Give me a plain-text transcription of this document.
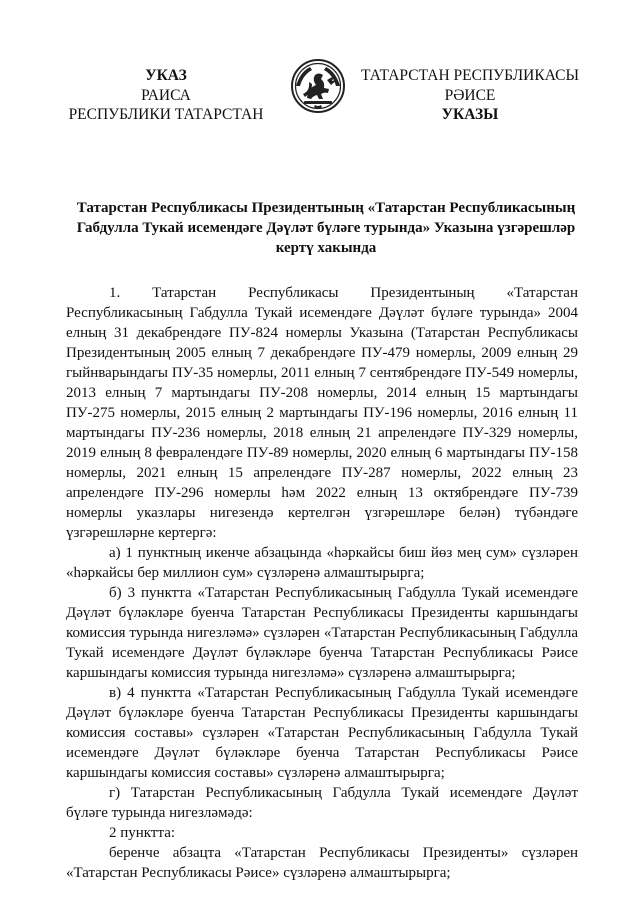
УКАЗ
РАИСА
РЕСПУБЛИКИ ТАТАРСТАН
ТАТАРСТАН РЕСПУБЛИКАСЫ
РӘИСЕ
УКАЗЫ
Татарстан Республикасы Президентының «Татарстан Республикасының Габдулла Тукай исемендәге Дәүләт бүләге турында» Указына үзгәрешләр кертү хакында

1. Татарстан Республикасы Президентының «Татарстан Республикасының Габдулла Тукай исемендәге Дәүләт бүләге турында» 2004 елның 31 декабрендәге ПУ-824 номерлы Указына (Татарстан Республикасы Президентының 2005 елның 7 декабрендәге ПУ-479 номерлы, 2009 елның 29 гыйнварындагы ПУ-35 номерлы, 2011 елның 7 сентябрендәге ПУ-549 номерлы, 2013 елның 7 мартындагы ПУ-208 номерлы, 2014 елның 15 мартындагы ПУ-275 номерлы, 2015 елның 2 мартындагы ПУ-196 номерлы, 2016 елның 11 мартындагы ПУ-236 номерлы, 2018 елның 21 апрелендәге ПУ-329 номерлы, 2019 елның 8 февралендәге ПУ-89 номерлы, 2020 елның 6 мартындагы ПУ-158 номерлы, 2021 елның 15 апрелендәге ПУ-287 номерлы, 2022 елның 23 апрелендәге ПУ-296 номерлы һәм 2022 елның 13 октябрендәге ПУ-739 номерлы указлары нигезендә кертелгән үзгәрешләре белән) түбәндәге үзгәрешләрне кертергә:

а) 1 пунктның икенче абзацында «һәркайсы биш йөз мең сум» сүзләрен «һәркайсы бер миллион сум» сүзләренә алмаштырырга;

б) 3 пунктта «Татарстан Республикасының Габдулла Тукай исемендәге Дәүләт бүләкләре буенча Татарстан Республикасы Президенты каршындагы комиссия турында нигезләмә» сүзләрен «Татарстан Республикасының Габдулла Тукай исемендәге Дәүләт бүләкләре буенча Татарстан Республикасы Рәисе каршындагы комиссия турында нигезләмә» сүзләренә алмаштырырга;

в) 4 пунктта «Татарстан Республикасының Габдулла Тукай исемендәге Дәүләт бүләкләре буенча Татарстан Республикасы Президенты каршындагы комиссия составы» сүзләрен «Татарстан Республикасының Габдулла Тукай исемендәге Дәүләт бүләкләре буенча Татарстан Республикасы Рәисе каршындагы комиссия составы» сүзләренә алмаштырырга;

г) Татарстан Республикасының Габдулла Тукай исемендәге Дәүләт бүләге турында нигезләмәдә:

2 пунктта:

беренче абзацта «Татарстан Республикасы Президенты» сүзләрен «Татарстан Республикасы Рәисе» сүзләренә алмаштырырга;
